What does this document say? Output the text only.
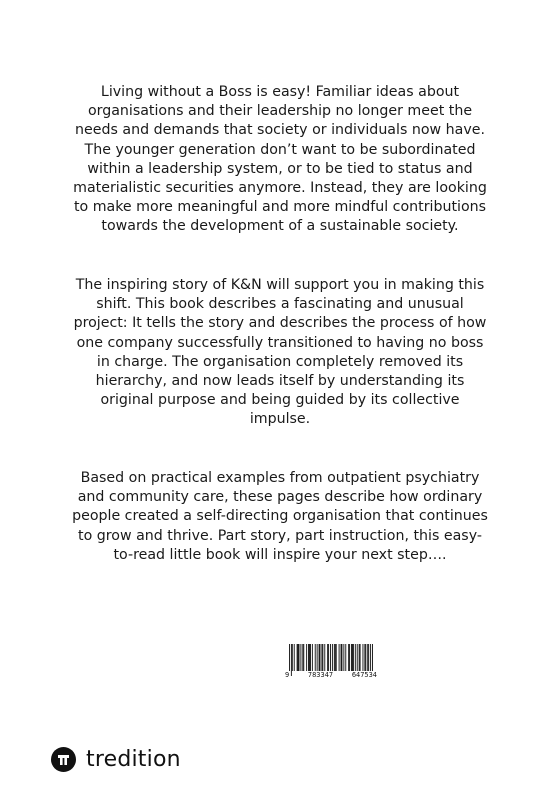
Living without a Boss is easy! Familiar ideas about organisations and their leadership no longer meet the needs and demands that society or individuals now have. The younger generation don’t want to be subordinated within a leadership system, or to be tied to status and materialistic securities anymore. Instead, they are looking to make more meaningful and more mindful contributions towards the development of a sustainable society.

The inspiring story of K&N will support you in making this shift. This book describes a fascinating and unusual project: It tells the story and describes the process of how one company successfully transitioned to having no boss in charge. The organisation completely removed its hierarchy, and now leads itself by understanding its original purpose and being guided by its collective impulse.

Based on practical examples from outpatient psychiatry and community care, these pages describe how ordinary people created a self-directing organisation that continues to grow and thrive. Part story, part instruction, this easy-to-read little book will inspire your next step….

9	783347	647534
tredition
